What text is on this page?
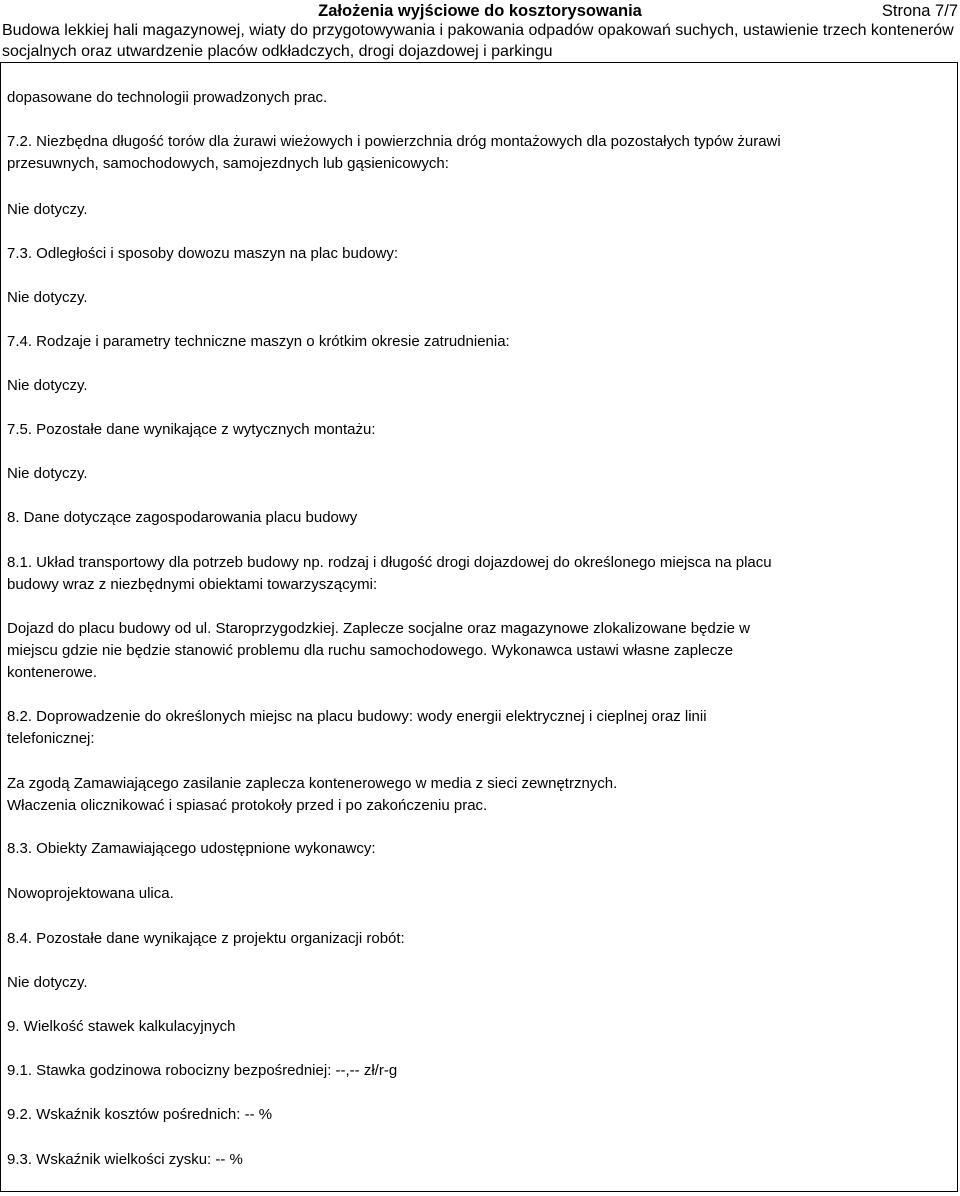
Założenia wyjściowe do kosztorysowania	Strona 7/7
Budowa lekkiej hali magazynowej, wiaty do przygotowywania i pakowania odpadów opakowań suchych, ustawienie trzech kontenerów
socjalnych oraz utwardzenie placów odkładczych, drogi dojazdowej i parkingu
dopasowane do technologii prowadzonych prac.
7.2. Niezbędna długość torów dla żurawi wieżowych i powierzchnia dróg montażowych dla pozostałych typów żurawi
przesuwnych, samochodowych, samojezdnych lub gąsienicowych:
Nie dotyczy.
7.3. Odległości i sposoby dowozu maszyn na plac budowy:
Nie dotyczy.
7.4. Rodzaje i parametry techniczne maszyn o krótkim okresie zatrudnienia:
Nie dotyczy.
7.5. Pozostałe dane wynikające z wytycznych montażu:
Nie dotyczy.
8. Dane dotyczące zagospodarowania placu budowy
8.1. Układ transportowy dla potrzeb budowy np. rodzaj i długość drogi dojazdowej do określonego miejsca na placu
budowy wraz z niezbędnymi obiektami towarzyszącymi:
Dojazd do placu budowy od ul. Staroprzygodzkiej. Zaplecze socjalne oraz magazynowe zlokalizowane będzie w
miejscu gdzie nie będzie stanowić problemu dla ruchu samochodowego. Wykonawca ustawi własne zaplecze
kontenerowe.
8.2. Doprowadzenie do określonych miejsc na placu budowy: wody energii elektrycznej i cieplnej oraz linii
telefonicznej:
Za zgodą Zamawiającego zasilanie zaplecza kontenerowego w media z sieci zewnętrznych.
Właczenia olicznikować i spiasać protokoły przed i po zakończeniu prac.
8.3. Obiekty Zamawiającego udostępnione wykonawcy:
Nowoprojektowana ulica.
8.4. Pozostałe dane wynikające z projektu organizacji robót:
Nie dotyczy.
9. Wielkość stawek kalkulacyjnych
9.1. Stawka godzinowa robocizny bezpośredniej: --,-- zł/r-g
9.2. Wskaźnik kosztów pośrednich: -- %
9.3. Wskaźnik wielkości zysku: -- %
